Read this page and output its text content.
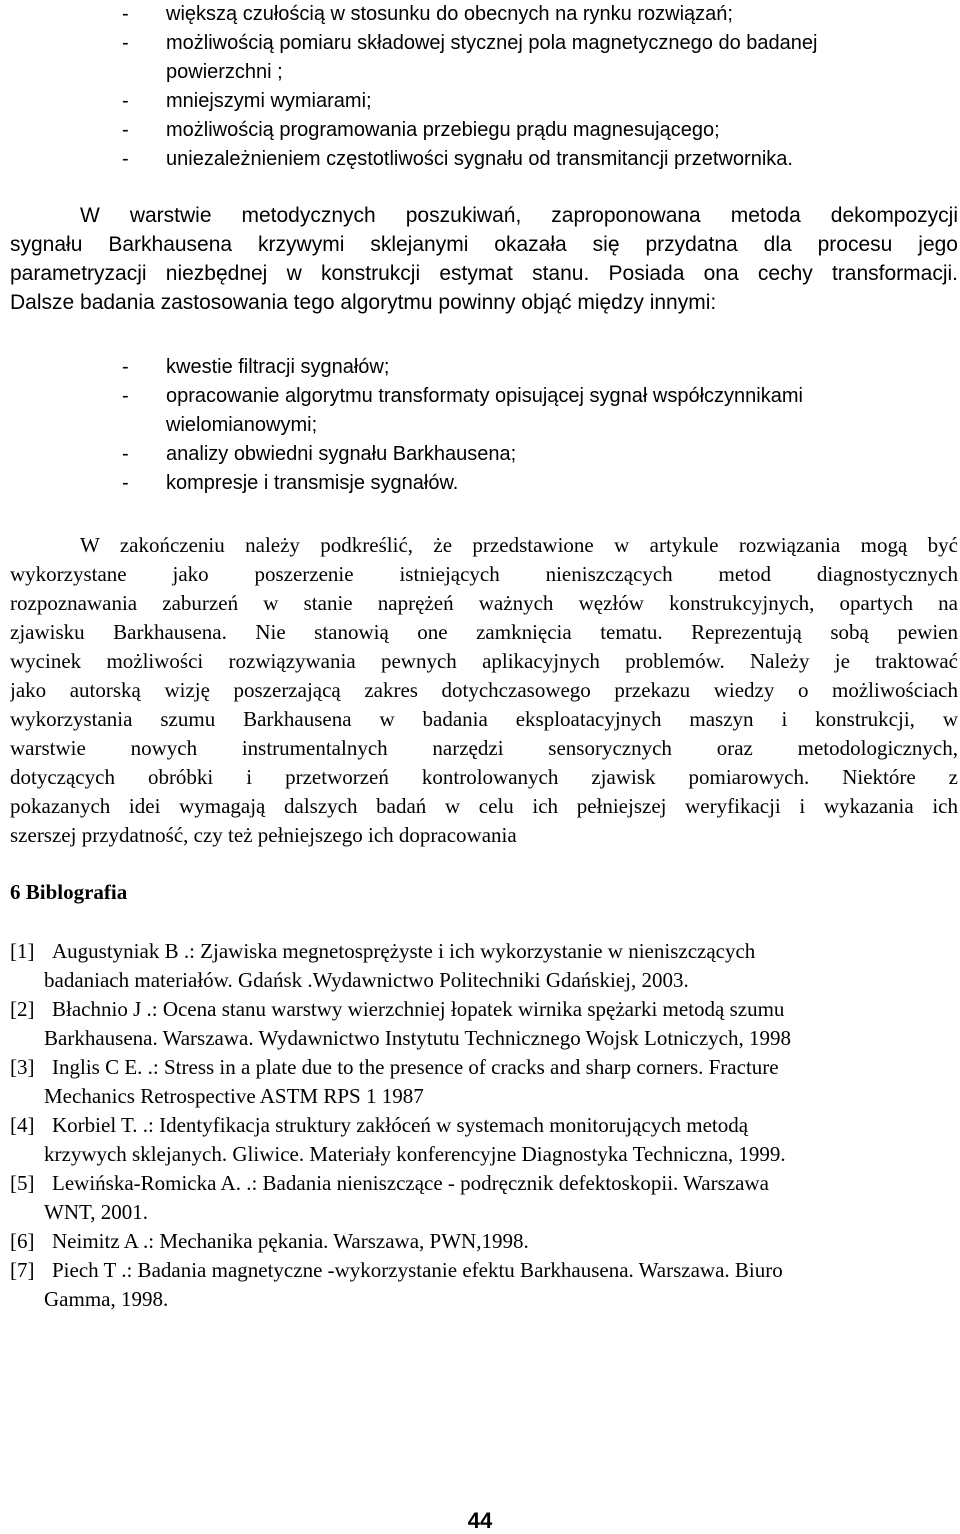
-	większą czułością w stosunku do obecnych na rynku rozwiązań;
-	możliwością pomiaru składowej stycznej pola magnetycznego do badanej
powierzchni ;
-	mniejszymi wymiarami;
-	możliwością programowania przebiegu prądu magnesującego;
-	uniezależnieniem częstotliwości sygnału od transmitancji przetwornika.
W warstwie metodycznych poszukiwań, zaproponowana metoda dekompozycji
sygnału Barkhausena krzywymi sklejanymi okazała się przydatna dla procesu jego
parametryzacji niezbędnej w konstrukcji estymat stanu. Posiada ona cechy transformacji.
Dalsze badania zastosowania tego algorytmu powinny objąć między innymi:
-	kwestie filtracji sygnałów;
-	opracowanie algorytmu transformaty opisującej sygnał współczynnikami
wielomianowymi;
-	analizy obwiedni sygnału Barkhausena;
-	kompresje i transmisje sygnałów.
W zakończeniu należy podkreślić, że przedstawione w artykule rozwiązania mogą być
wykorzystane jako poszerzenie istniejących nieniszczących metod diagnostycznych
rozpoznawania zaburzeń w stanie naprężeń ważnych węzłów konstrukcyjnych, opartych na
zjawisku Barkhausena. Nie stanowią one zamknięcia tematu. Reprezentują sobą pewien
wycinek możliwości rozwiązywania pewnych aplikacyjnych problemów. Należy je traktować
jako autorską wizję poszerzającą zakres dotychczasowego przekazu wiedzy o możliwościach
wykorzystania szumu Barkhausena w badania eksploatacyjnych maszyn i konstrukcji, w
warstwie nowych instrumentalnych narzędzi sensorycznych oraz metodologicznych,
dotyczących obróbki i przetworzeń kontrolowanych zjawisk pomiarowych. Niektóre z
pokazanych idei wymagają dalszych badań w celu ich pełniejszej weryfikacji i wykazania ich
szerszej przydatność, czy też pełniejszego ich dopracowania
6 Biblografia
[1] Augustyniak B .: Zjawiska megnetosprężyste i ich wykorzystanie w nieniszczących
badaniach materiałów. Gdańsk .Wydawnictwo Politechniki Gdańskiej, 2003.
[2] Błachnio J .: Ocena stanu warstwy wierzchniej łopatek wirnika spężarki metodą szumu
Barkhausena. Warszawa. Wydawnictwo Instytutu Technicznego Wojsk Lotniczych, 1998
[3] Inglis C E. .: Stress in a plate due to the presence of cracks and sharp corners. Fracture
Mechanics Retrospective ASTM RPS 1 1987
[4] Korbiel T. .: Identyfikacja struktury zakłóceń w systemach monitorujących metodą
krzywych sklejanych. Gliwice. Materiały konferencyjne Diagnostyka Techniczna, 1999.
[5] Lewińska-Romicka A. .: Badania nieniszczące - podręcznik defektoskopii. Warszawa
WNT, 2001.
[6] Neimitz A .: Mechanika pękania. Warszawa, PWN,1998.
[7] Piech T .: Badania magnetyczne -wykorzystanie efektu Barkhausena. Warszawa. Biuro
Gamma, 1998.
44
